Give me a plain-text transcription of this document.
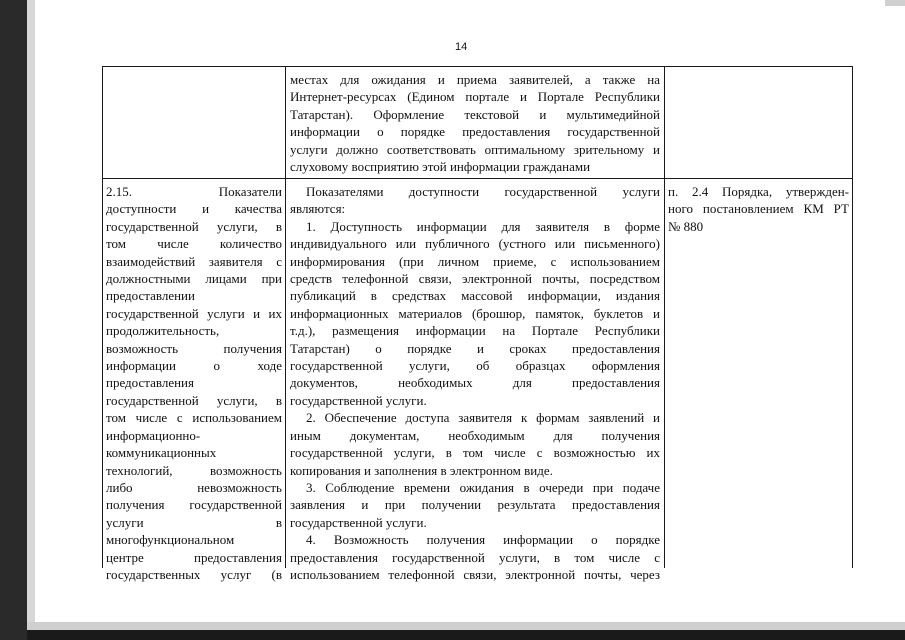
14
местах для ожидания и приема заявителей, а также на
Интернет-ресурсах (Едином портале и Портале Республики
Татарстан). Оформление текстовой и мультимедийной
информации о порядке предоставления государственной
услуги должно соответствовать оптимальному зрительному и
слуховому восприятию этой информации гражданами
2.15. Показатели
доступности и качества
государственной услуги, в
том числе количество
взаимодействий заявителя с
должностными лицами при
предоставлении
государственной услуги и их
продолжительность,
возможность получения
информации о ходе
предоставления
государственной услуги, в
том числе с использованием
информационно-
коммуникационных
технологий, возможность
либо невозможность
получения государственной
услуги в
многофункциональном
центре предоставления
государственных услуг (в
Показателями доступности государственной услуги
являются:
1. Доступность информации для заявителя в форме
индивидуального или публичного (устного или письменного)
информирования (при личном приеме, с использованием
средств телефонной связи, электронной почты, посредством
публикаций в средствах массовой информации, издания
информационных материалов (брошюр, памяток, буклетов и
т.д.), размещения информации на Портале Республики
Татарстан) о порядке и сроках предоставления
государственной услуги, об образцах оформления
документов, необходимых для предоставления
государственной услуги.
2. Обеспечение доступа заявителя к формам заявлений и
иным документам, необходимым для получения
государственной услуги, в том числе с возможностью их
копирования и заполнения в электронном виде.
3. Соблюдение времени ожидания в очереди при подаче
заявления и при получении результата предоставления
государственной услуги.
4. Возможность получения информации о порядке
предоставления государственной услуги, в том числе с
использованием телефонной связи, электронной почты, через
п. 2.4 Порядка, утвержден-
ного постановлением КМ РТ
№ 880
